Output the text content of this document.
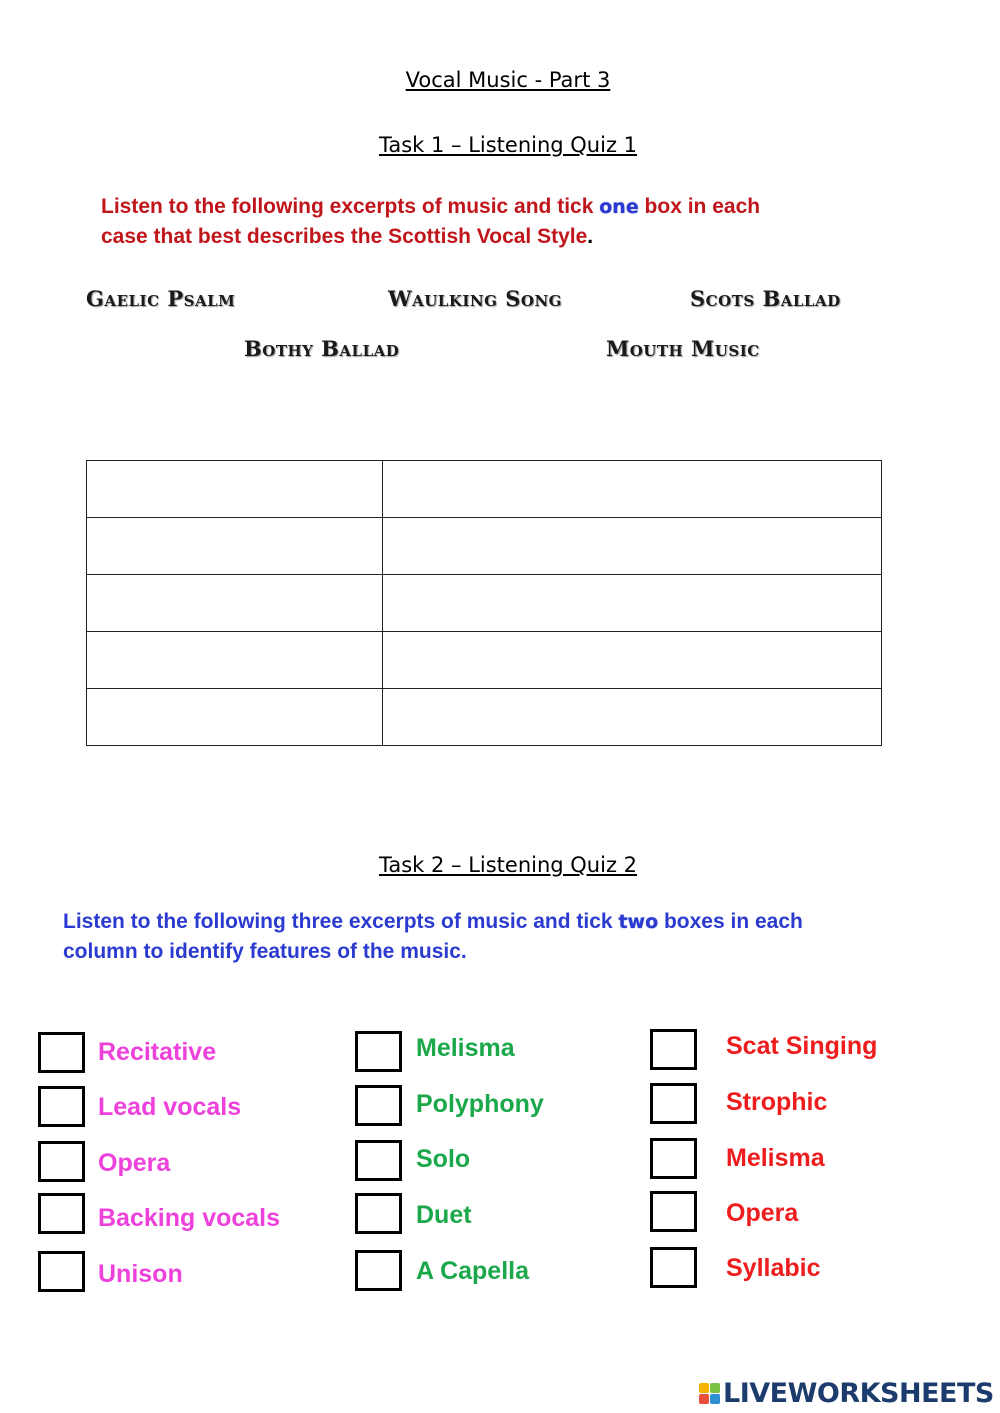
Vocal Music - Part 3
Task 1 – Listening Quiz 1
Listen to the following excerpts of music and tick one box in each
case that best describes the Scottish Vocal Style.
Gaelic Psalm	Waulking Song	Scots Ballad
Bothy Ballad	Mouth Music

Task 2 – Listening Quiz 2
Listen to the following three excerpts of music and tick two boxes in each
column to identify features of the music.
Recitative
Lead vocals
Opera
Backing vocals
Unison
Melisma
Polyphony
Solo
Duet
A Capella
Scat Singing
Strophic
Melisma
Opera
Syllabic
LIVEWORKSHEETS
